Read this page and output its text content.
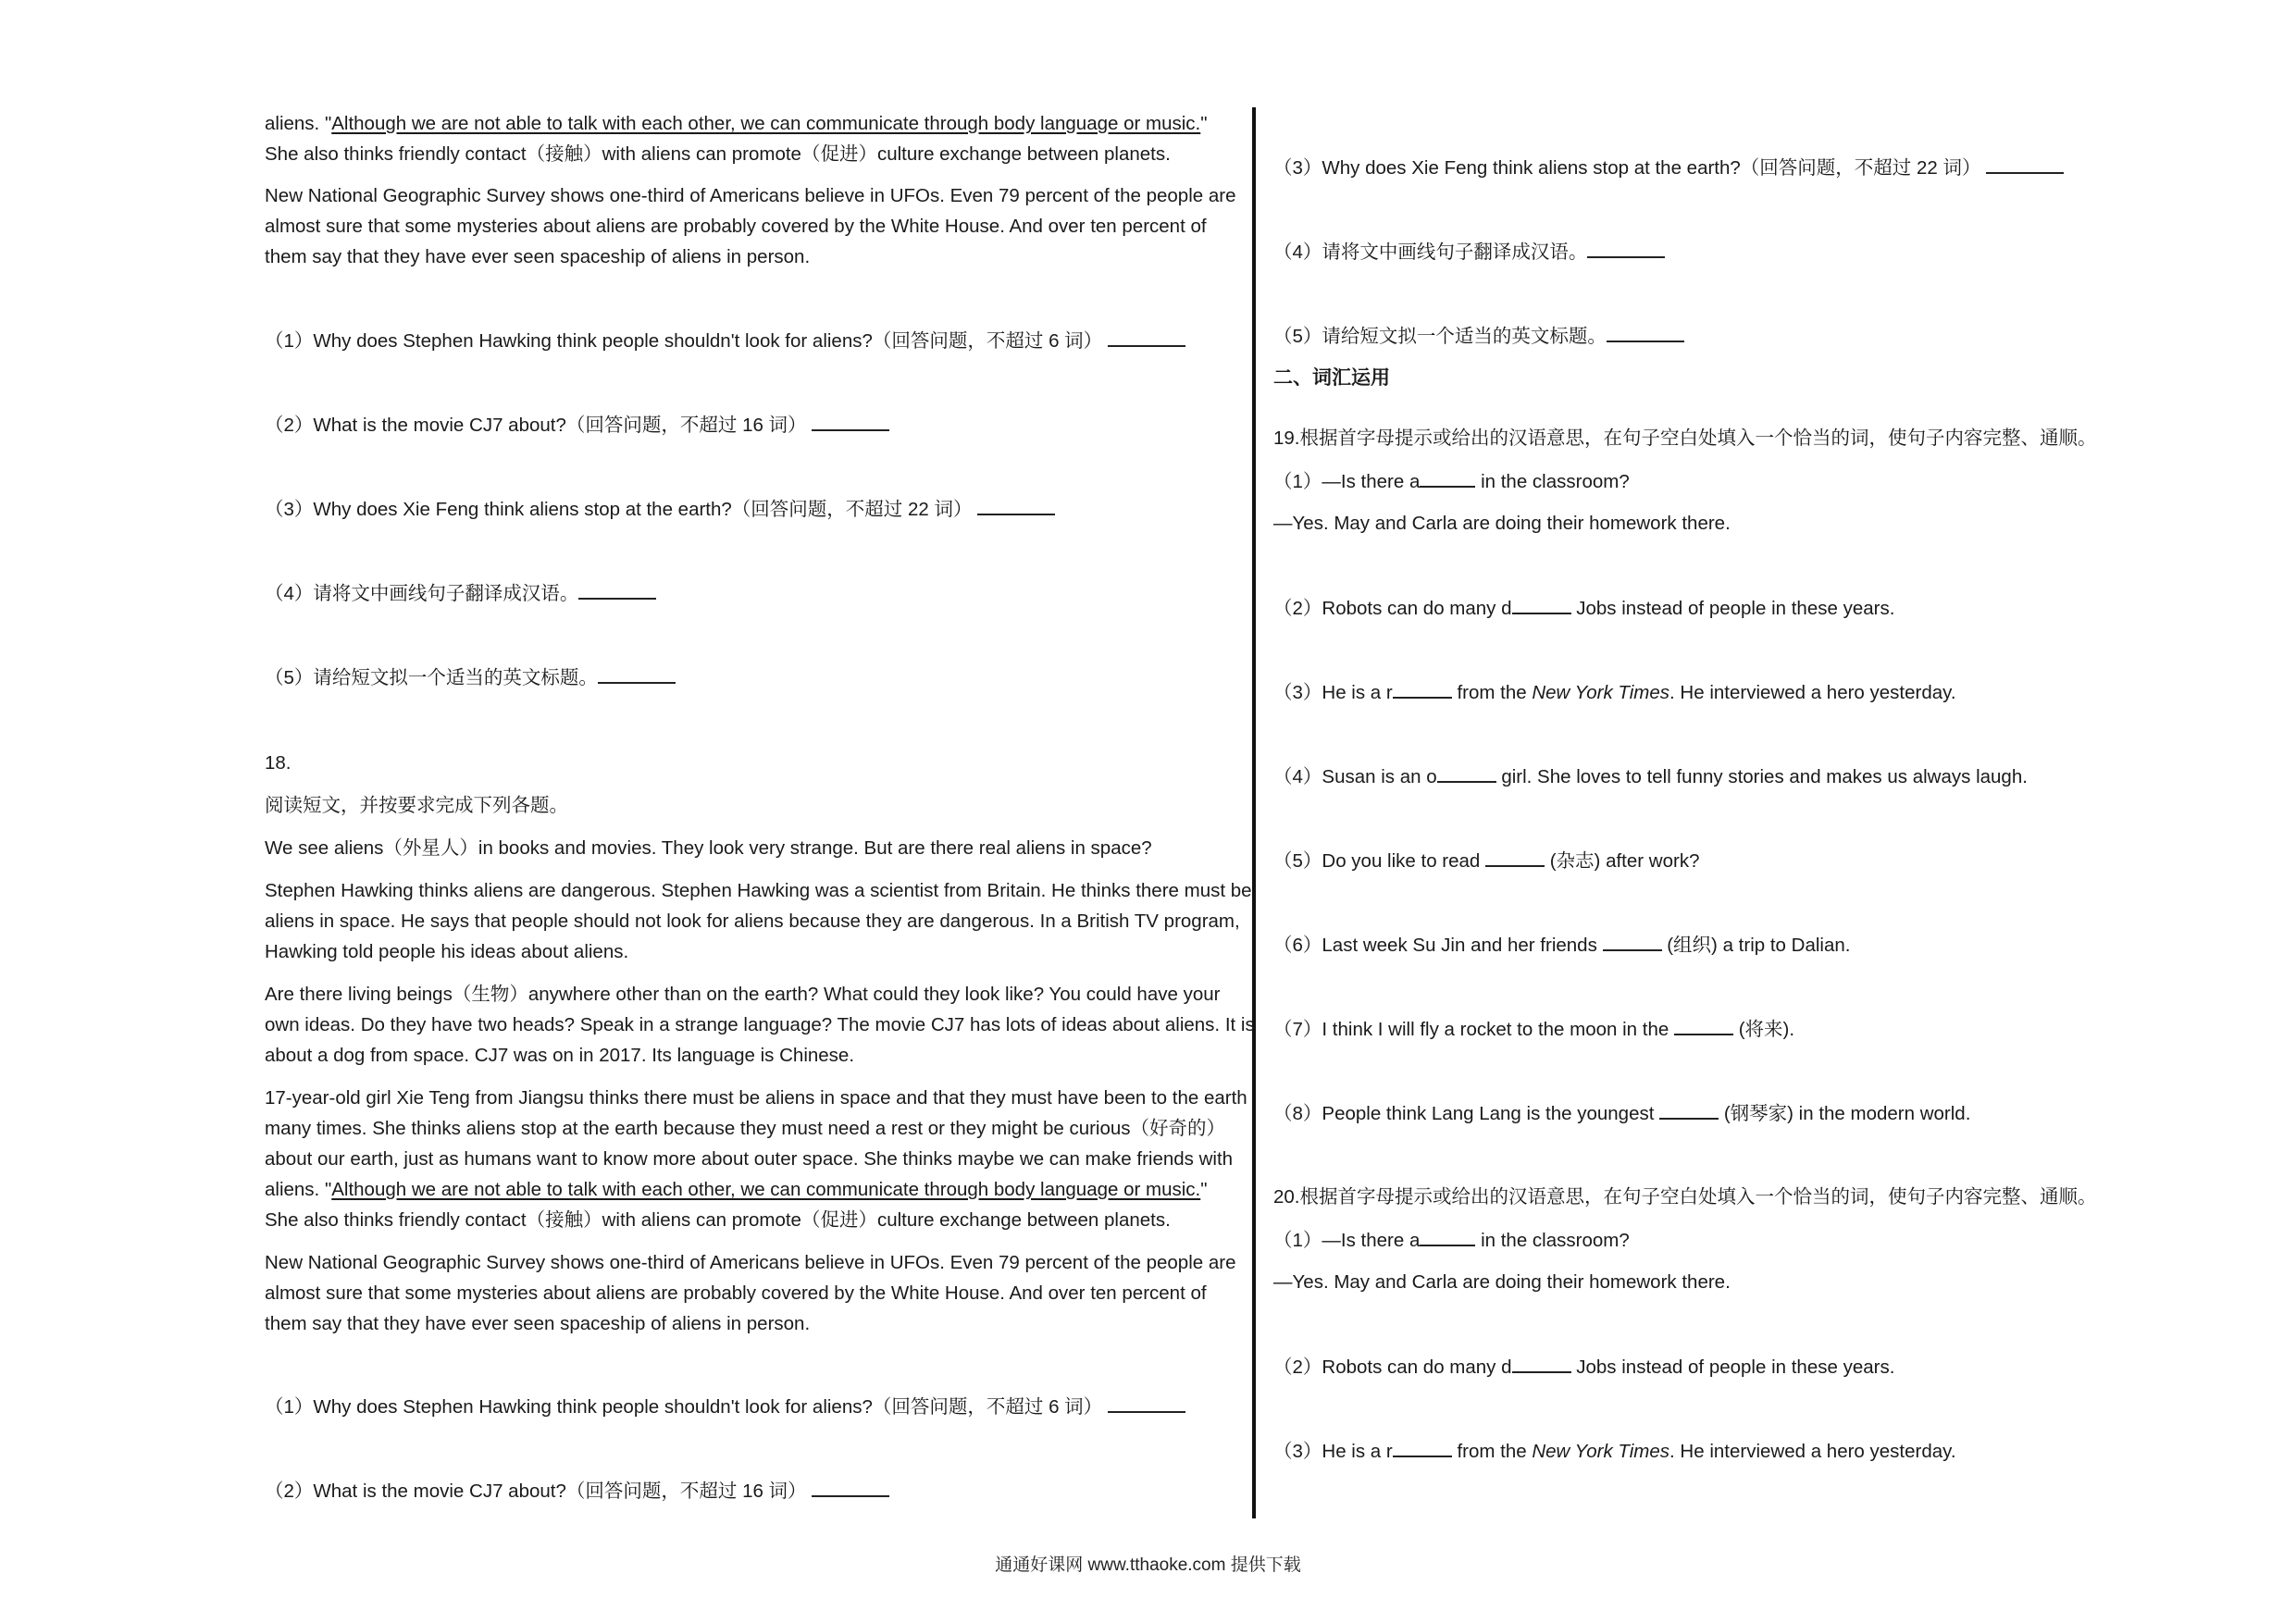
aliens. "Although we are not able to talk with each other, we can communicate through body language or music."
She also thinks friendly contact（接触）with aliens can promote（促进）culture exchange between planets.
New National Geographic Survey shows one-third of Americans believe in UFOs. Even 79 percent of the people are
almost sure that some mysteries about aliens are probably covered by the White House. And over ten percent of
them say that they have ever seen spaceship of aliens in person.
（1）Why does Stephen Hawking think people shouldn't look for aliens?（回答问题，不超过 6 词）
（2）What is the movie CJ7 about?（回答问题，不超过 16 词）
（3）Why does Xie Feng think aliens stop at the earth?（回答问题，不超过 22 词）
（4）请将文中画线句子翻译成汉语。
（5）请给短文拟一个适当的英文标题。
18.
阅读短文，并按要求完成下列各题。
We see aliens（外星人）in books and movies. They look very strange. But are there real aliens in space?
Stephen Hawking thinks aliens are dangerous. Stephen Hawking was a scientist from Britain. He thinks there must be
aliens in space. He says that people should not look for aliens because they are dangerous. In a British TV program,
Hawking told people his ideas about aliens.
Are there living beings（生物）anywhere other than on the earth? What could they look like? You could have your
own ideas. Do they have two heads? Speak in a strange language? The movie CJ7 has lots of ideas about aliens. It is
about a dog from space. CJ7 was on in 2017. Its language is Chinese.
17-year-old girl Xie Teng from Jiangsu thinks there must be aliens in space and that they must have been to the earth
many times. She thinks aliens stop at the earth because they must need a rest or they might be curious（好奇的）
about our earth, just as humans want to know more about outer space. She thinks maybe we can make friends with
aliens. "Although we are not able to talk with each other, we can communicate through body language or music."
She also thinks friendly contact（接触）with aliens can promote（促进）culture exchange between planets.
New National Geographic Survey shows one-third of Americans believe in UFOs. Even 79 percent of the people are
almost sure that some mysteries about aliens are probably covered by the White House. And over ten percent of
them say that they have ever seen spaceship of aliens in person.
（1）Why does Stephen Hawking think people shouldn't look for aliens?（回答问题，不超过 6 词）
（2）What is the movie CJ7 about?（回答问题，不超过 16 词）
（3）Why does Xie Feng think aliens stop at the earth?（回答问题，不超过 22 词）
（4）请将文中画线句子翻译成汉语。
（5）请给短文拟一个适当的英文标题。
二、词汇运用
19.根据首字母提示或给出的汉语意思，在句子空白处填入一个恰当的词，使句子内容完整、通顺。
（1）—Is there a	in the classroom?
—Yes. May and Carla are doing their homework there.
（2）Robots can do many d	Jobs instead of people in these years.
（3）He is a r	from the New York Times. He interviewed a hero yesterday.
（4）Susan is an o	girl. She loves to tell funny stories and makes us always laugh.
（5）Do you like to read	(杂志) after work?
（6）Last week Su Jin and her friends	(组织) a trip to Dalian.
（7）I think I will fly a rocket to the moon in the	(将来).
（8）People think Lang Lang is the youngest	(钢琴家) in the modern world.
20.根据首字母提示或给出的汉语意思，在句子空白处填入一个恰当的词，使句子内容完整、通顺。
（1）—Is there a	in the classroom?
—Yes. May and Carla are doing their homework there.
（2）Robots can do many d	Jobs instead of people in these years.
（3）He is a r	from the New York Times. He interviewed a hero yesterday.
通通好课网 www.tthaoke.com 提供下载
